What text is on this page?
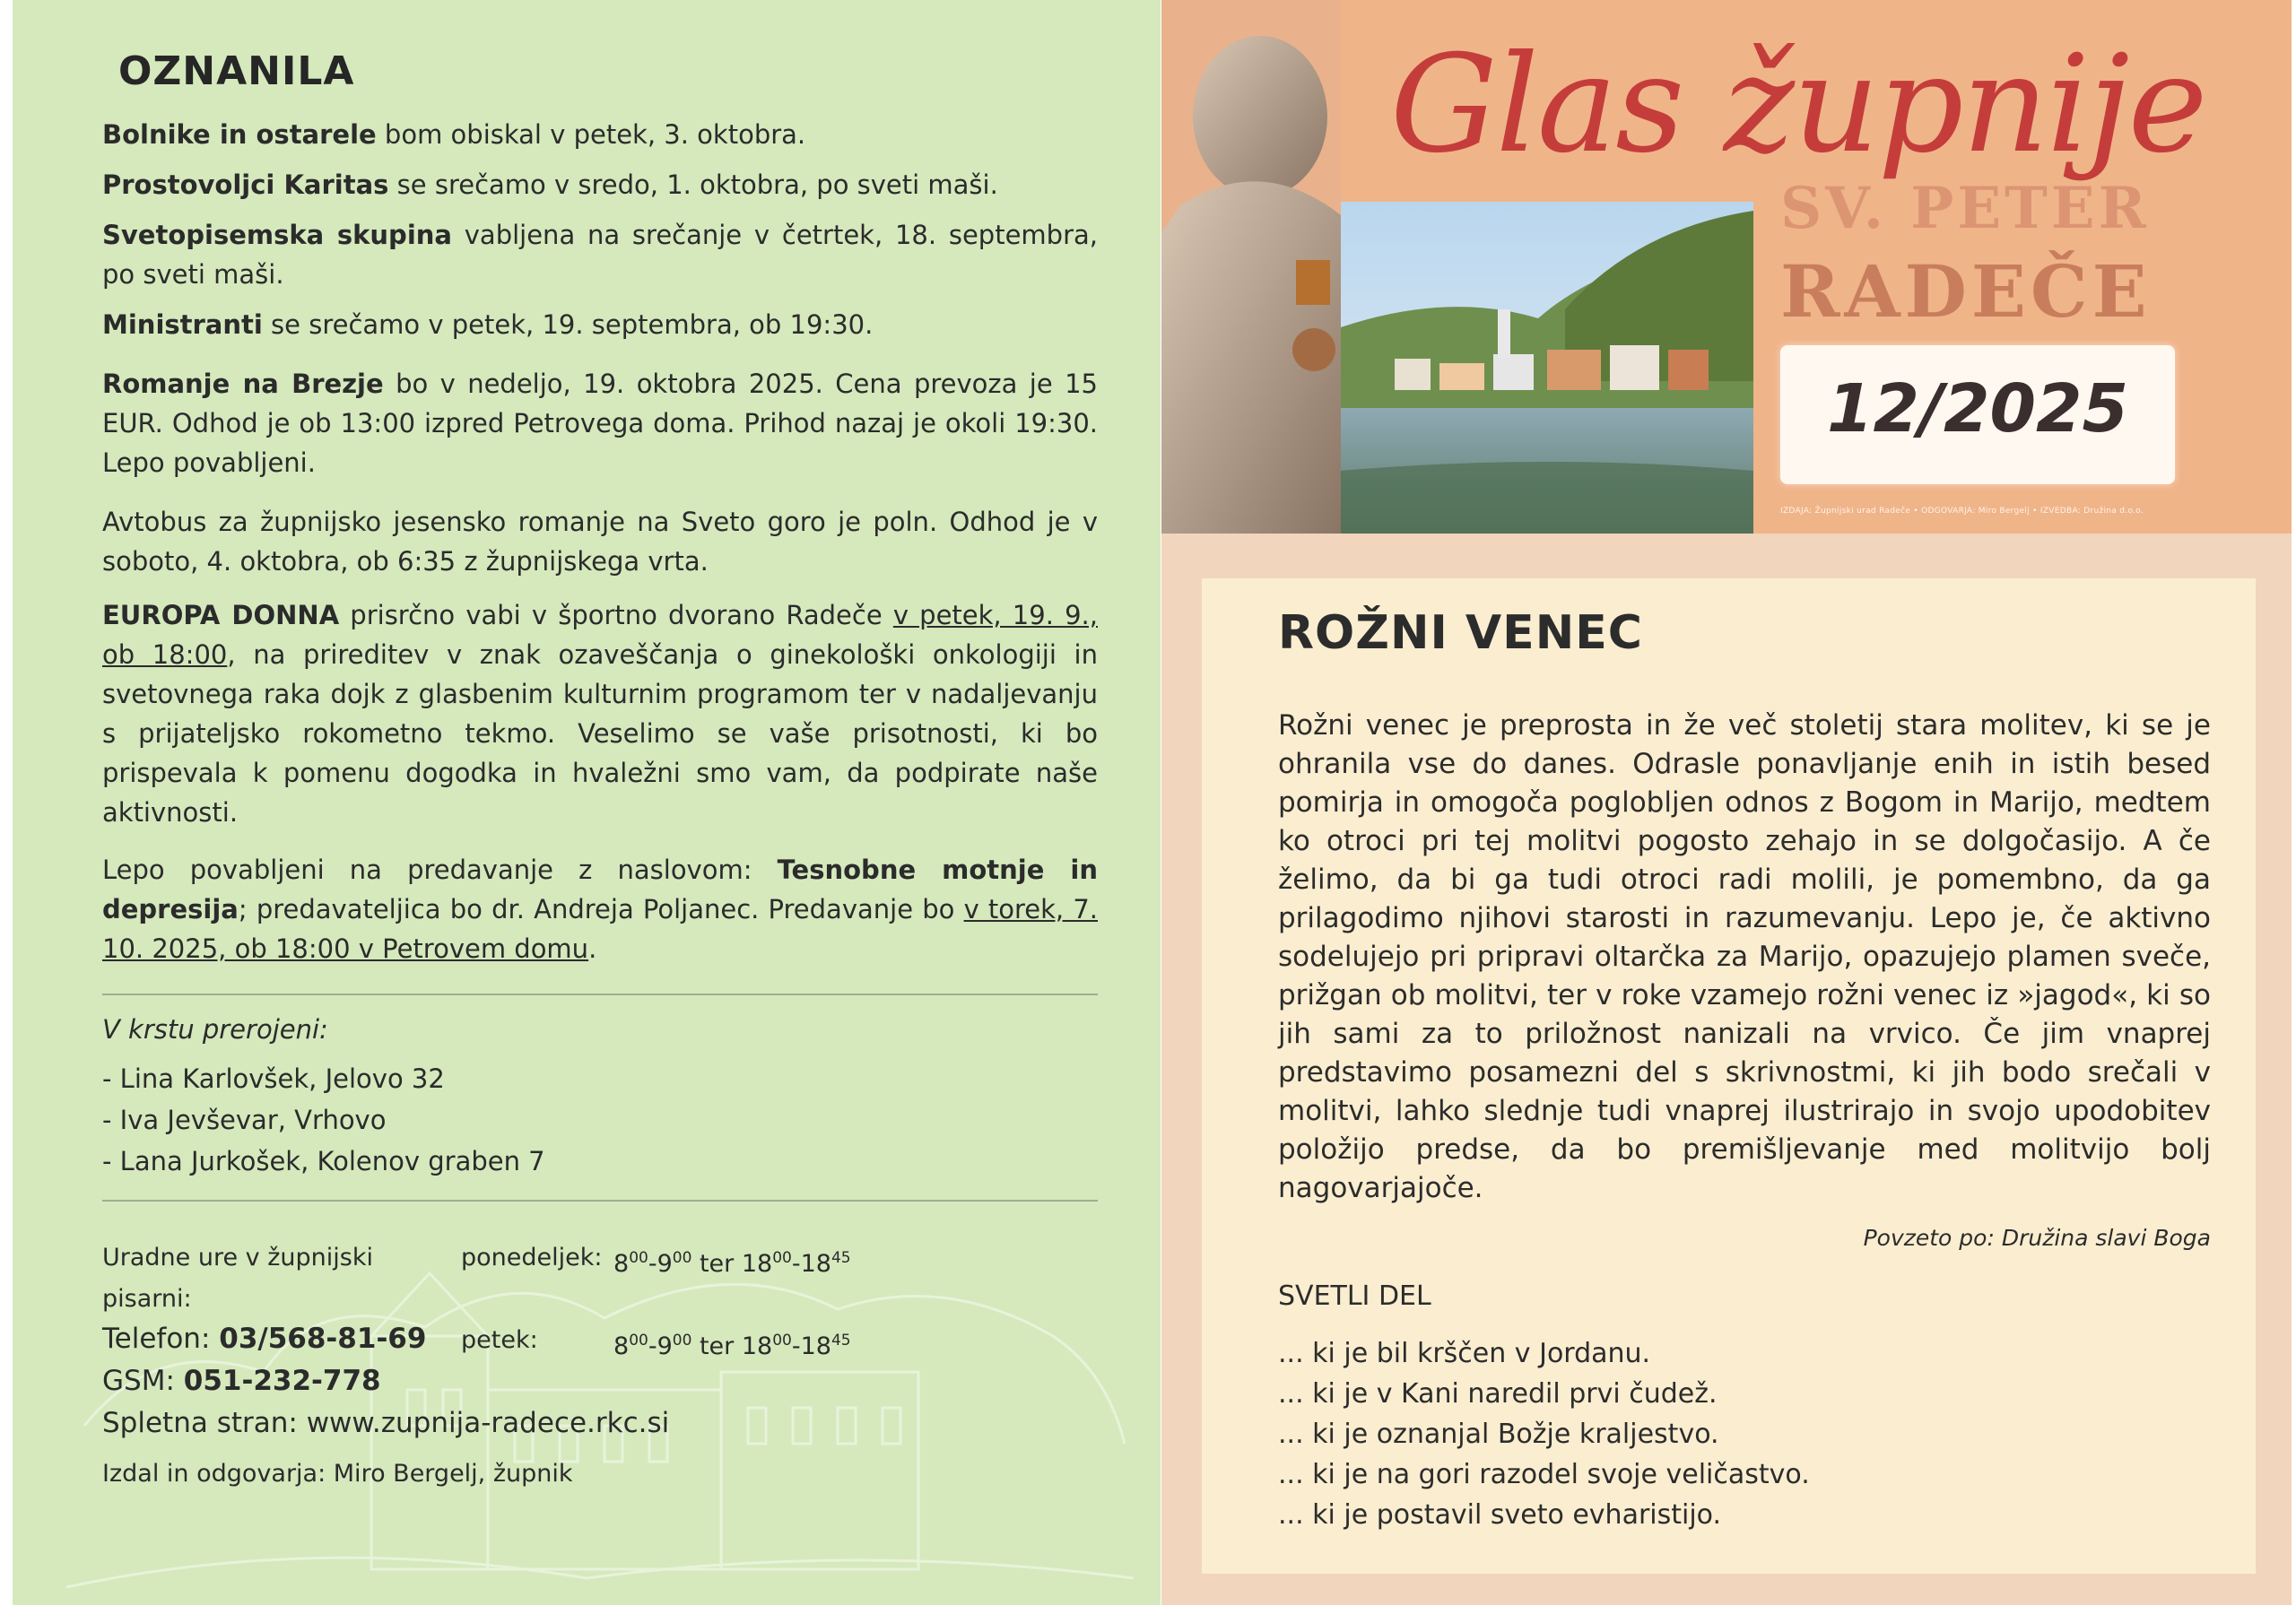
OZNANILA
Bolnike in ostarele bom obiskal v petek, 3. oktobra.
Prostovoljci Karitas se srečamo v sredo, 1. oktobra, po sveti maši.
Svetopisemska skupina vabljena na srečanje v četrtek, 18. septembra, po sveti maši.
Ministranti se srečamo v petek, 19. septembra, ob 19:30.
Romanje na Brezje bo v nedeljo, 19. oktobra 2025. Cena prevoza je 15 EUR. Odhod je ob 13:00 izpred Petrovega doma. Prihod nazaj je okoli 19:30. Lepo povabljeni.
Avtobus za župnijsko jesensko romanje na Sveto goro je poln. Odhod je v soboto, 4. oktobra, ob 6:35 z župnijskega vrta.
EUROPA DONNA prisrčno vabi v športno dvorano Radeče v petek, 19. 9., ob 18:00, na prireditev v znak ozaveščanja o ginekološki onkologiji in svetovnega raka dojk z glasbenim kulturnim programom ter v nadaljevanju s prijateljsko rokometno tekmo. Veselimo se vaše prisotnosti, ki bo prispevala k pomenu dogodka in hvaležni smo vam, da podpirate naše aktivnosti.
Lepo povabljeni na predavanje z naslovom: Tesnobne motnje in depresija; predavateljica bo dr. Andreja Poljanec. Predavanje bo v torek, 7. 10. 2025, ob 18:00 v Petrovem domu.
V krstu prerojeni:
- Lina Karlovšek, Jelovo 32
- Iva Jevševar, Vrhovo
- Lana Jurkošek, Kolenov graben 7
Uradne ure v župnijski pisarni:
ponedeljek: $8^{00}-9^{00}$ ter $18^{00}-18^{45}$
petek:	$8^{00}-9^{00}$ ter $18^{00}-18^{45}$
Telefon: 03/568-81-69
GSM: 051-232-778
Spletna stran: www.zupnija-radece.rkc.si
Izdal in odgovarja: Miro Bergelj, župnik
Glas župnije
SV. PETER
RADEČE
12/2025
IZDAJA: Župnijski urad Radeče • ODGOVARJA: Miro Bergelj • IZVEDBA: Družina d.o.o.
ROŽNI VENEC
Rožni venec je preprosta in že več stoletij stara molitev, ki se je ohranila vse do danes. Odrasle ponavljanje enih in istih besed pomirja in omogoča poglobljen odnos z Bogom in Marijo, medtem ko otroci pri tej molitvi pogosto zehajo in se dolgočasijo. A če želimo, da bi ga tudi otroci radi molili, je pomembno, da ga prilagodimo njihovi starosti in razumevanju. Lepo je, če aktivno sodelujejo pri pripravi oltarčka za Marijo, opazujejo plamen sveče, prižgan ob molitvi, ter v roke vzamejo rožni venec iz »jagod«, ki so jih sami za to priložnost nanizali na vrvico. Če jim vnaprej predstavimo posamezni del s skrivnostmi, ki jih bodo srečali v molitvi, lahko slednje tudi vnaprej ilustrirajo in svojo upodobitev položijo predse, da bo premišljevanje med molitvijo bolj nagovarjajoče.
Povzeto po: Družina slavi Boga
SVETLI DEL
... ki je bil krščen v Jordanu.
... ki je v Kani naredil prvi čudež.
... ki je oznanjal Božje kraljestvo.
... ki je na gori razodel svoje veličastvo.
... ki je postavil sveto evharistijo.
